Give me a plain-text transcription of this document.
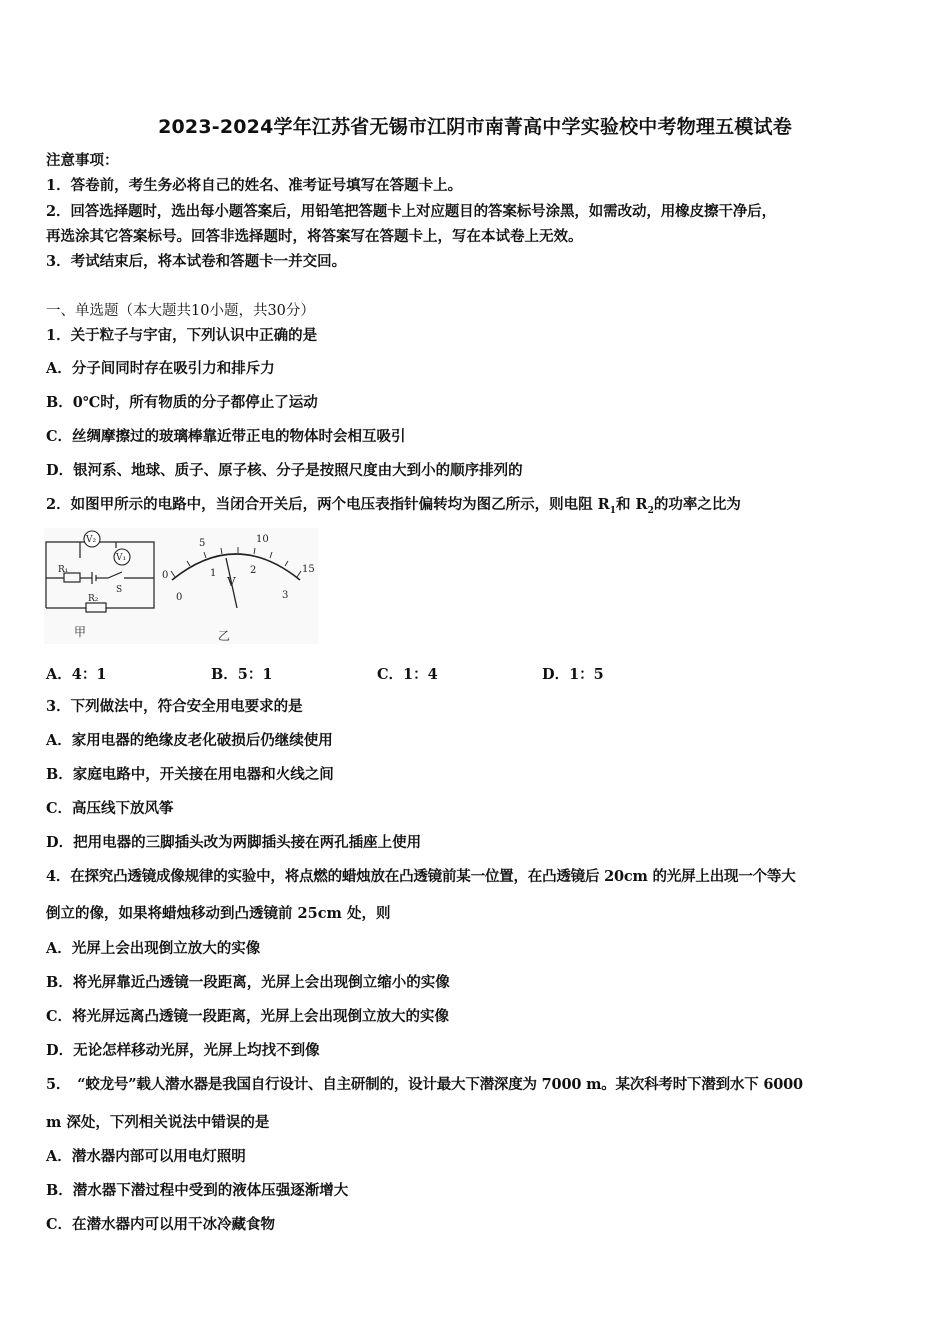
2023-2024学年江苏省无锡市江阴市南菁高中学实验校中考物理五模试卷
注意事项：
1．答卷前，考生务必将自己的姓名、准考证号填写在答题卡上。
2．回答选择题时，选出每小题答案后，用铅笔把答题卡上对应题目的答案标号涂黑，如需改动，用橡皮擦干净后，
再选涂其它答案标号。回答非选择题时，将答案写在答题卡上，写在本试卷上无效。
3．考试结束后，将本试卷和答题卡一并交回。
一、单选题（本大题共10小题，共30分）
1．关于粒子与宇宙，下列认识中正确的是
A．分子间同时存在吸引力和排斥力
B．0℃时，所有物质的分子都停止了运动
C．丝绸摩擦过的玻璃棒靠近带正电的物体时会相互吸引
D．银河系、地球、质子、原子核、分子是按照尺度由大到小的顺序排列的
2．如图甲所示的电路中，当闭合开关后，两个电压表指针偏转均为图乙所示，则电阻 $R_1$和 $R_2$的功率之比为
V₂
V₁
R₁
R₂
S
甲
0
5	10
15
0
1	2
3
V
乙
A．4：1	B．5：1	C．1：4	D．1：5
3．下列做法中，符合安全用电要求的是
A．家用电器的绝缘皮老化破损后仍继续使用
B．家庭电路中，开关接在用电器和火线之间
C．高压线下放风筝
D．把用电器的三脚插头改为两脚插头接在两孔插座上使用
4．在探究凸透镜成像规律的实验中，将点燃的蜡烛放在凸透镜前某一位置，在凸透镜后 20cm 的光屏上出现一个等大
倒立的像，如果将蜡烛移动到凸透镜前 25cm 处，则
A．光屏上会出现倒立放大的实像
B．将光屏靠近凸透镜一段距离，光屏上会出现倒立缩小的实像
C．将光屏远离凸透镜一段距离，光屏上会出现倒立放大的实像
D．无论怎样移动光屏，光屏上均找不到像
5．　“蛟龙号”载人潜水器是我国自行设计、自主研制的，设计最大下潜深度为 7000 m。某次科考时下潜到水下 6000
m 深处，下列相关说法中错误的是
A．潜水器内部可以用电灯照明
B．潜水器下潜过程中受到的液体压强逐渐增大
C．在潜水器内可以用干冰冷藏食物
